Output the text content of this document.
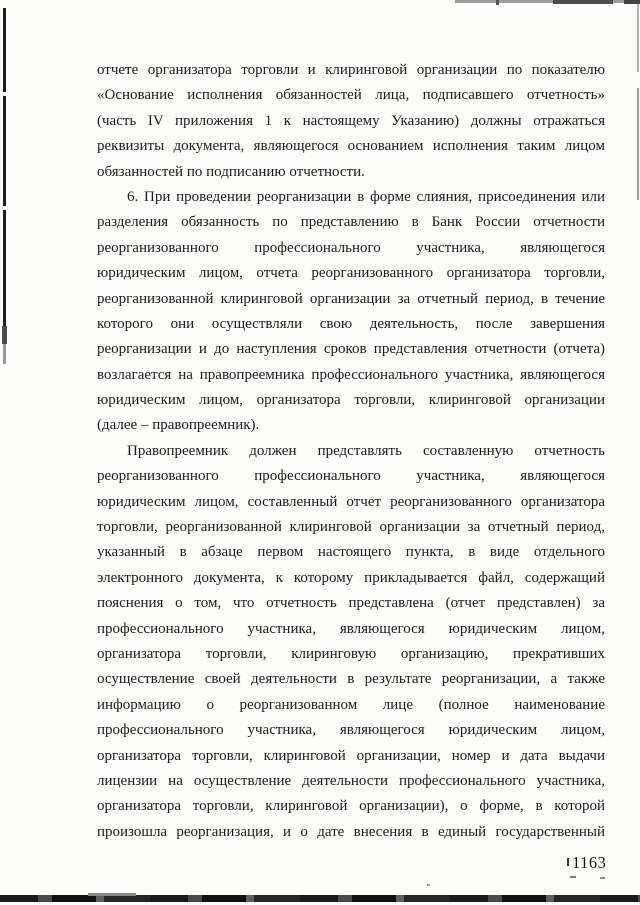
отчете организатора торговли и клиринговой организации по показателю
«Основание исполнения обязанностей лица, подписавшего отчетность»
(часть IV приложения 1 к настоящему Указанию) должны отражаться
реквизиты документа, являющегося основанием исполнения таким лицом
обязанностей по подписанию отчетности.
6. При проведении реорганизации в форме слияния, присоединения или
разделения обязанность по представлению в Банк России отчетности
реорганизованного профессионального участника, являющегося
юридическим лицом, отчета реорганизованного организатора торговли,
реорганизованной клиринговой организации за отчетный период, в течение
которого они осуществляли свою деятельность, после завершения
реорганизации и до наступления сроков представления отчетности (отчета)
возлагается на правопреемника профессионального участника, являющегося
юридическим лицом, организатора торговли, клиринговой организации
(далее – правопреемник).
Правопреемник должен представлять составленную отчетность
реорганизованного профессионального участника, являющегося
юридическим лицом, составленный отчет реорганизованного организатора
торговли, реорганизованной клиринговой организации за отчетный период,
указанный в абзаце первом настоящего пункта, в виде отдельного
электронного документа, к которому прикладывается файл, содержащий
пояснения о том, что отчетность представлена (отчет представлен) за
профессионального участника, являющегося юридическим лицом,
организатора торговли, клиринговую организацию, прекративших
осуществление своей деятельности в результате реорганизации, а также
информацию о реорганизованном лице (полное наименование
профессионального участника, являющегося юридическим лицом,
организатора торговли, клиринговой организации, номер и дата выдачи
лицензии на осуществление деятельности профессионального участника,
организатора торговли, клиринговой организации), о форме, в которой
произошла реорганизация, и о дате внесения в единый государственный
1163
